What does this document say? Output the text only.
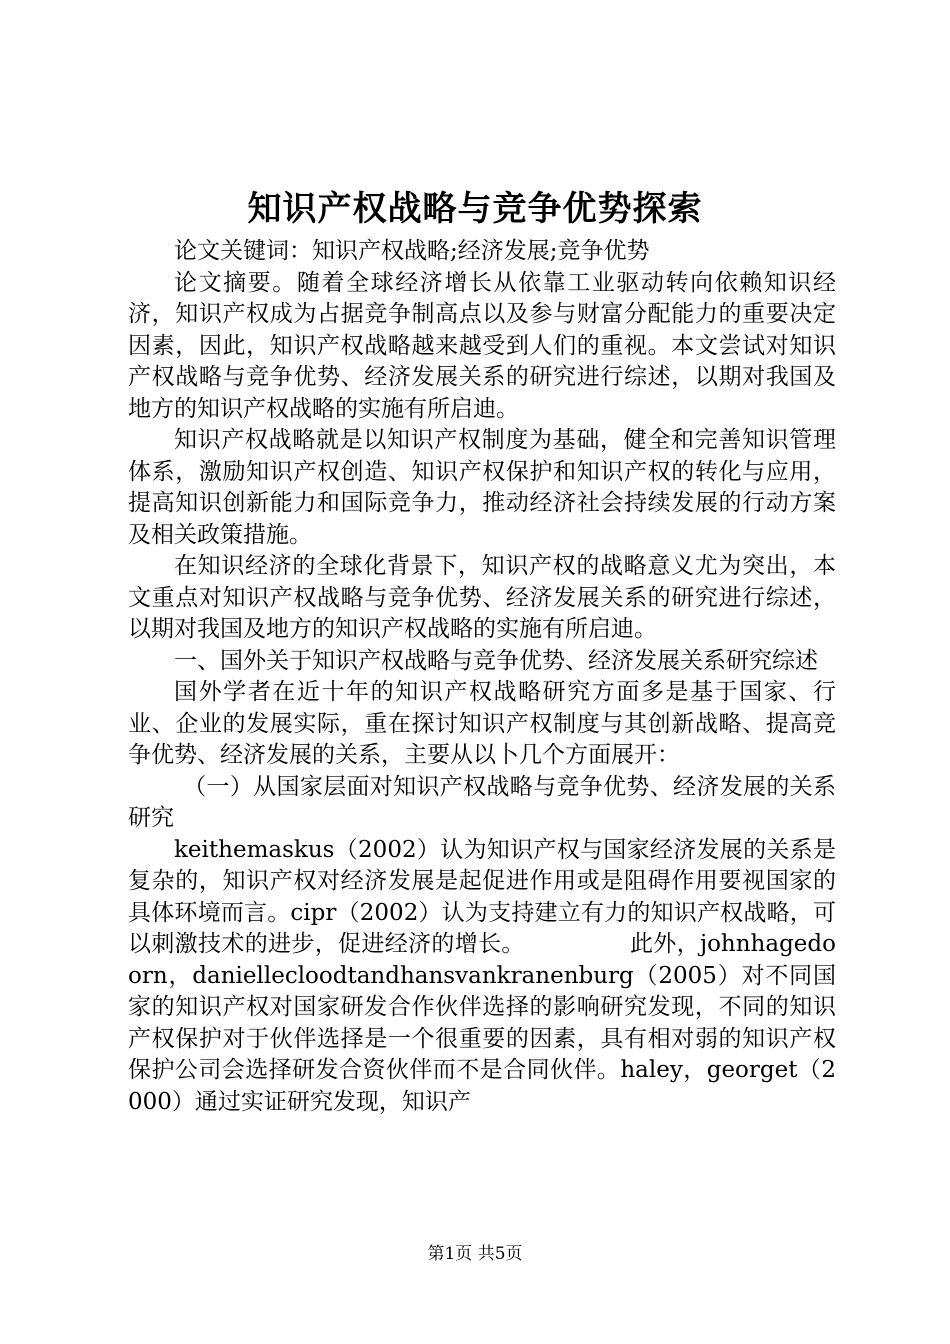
知识产权战略与竞争优势探索

论文关键词：知识产权战略;经济发展;竞争优势

论文摘要。随着全球经济增长从依靠工业驱动转向依赖知识经济，知识产权成为占据竞争制高点以及参与财富分配能力的重要决定因素，因此，知识产权战略越来越受到人们的重视。本文尝试对知识产权战略与竞争优势、经济发展关系的研究进行综述，以期对我国及地方的知识产权战略的实施有所启迪。

知识产权战略就是以知识产权制度为基础，健全和完善知识管理体系，激励知识产权创造、知识产权保护和知识产权的转化与应用，提高知识创新能力和国际竞争力，推动经济社会持续发展的行动方案及相关政策措施。

在知识经济的全球化背景下，知识产权的战略意义尤为突出，本文重点对知识产权战略与竞争优势、经济发展关系的研究进行综述，以期对我国及地方的知识产权战略的实施有所启迪。

一、国外关于知识产权战略与竞争优势、经济发展关系研究综述

国外学者在近十年的知识产权战略研究方面多是基于国家、行业、企业的发展实际，重在探讨知识产权制度与其创新战略、提高竞争优势、经济发展的关系，主要从以卜几个方面展开：

（一）从国家层面对知识产权战略与竞争优势、经济发展的关系研究

keithemaskus（2002）认为知识产权与国家经济发展的关系是复杂的，知识产权对经济发展是起促进作用或是阻碍作用要视国家的具体环境而言。cipr（2002）认为支持建立有力的知识产权战略，可以刺激技术的进步，促进经济的增长。　　　　　此外，johnhagedoorn，daniellecloodtandhansvankranenburg（2005）对不同国家的知识产权对国家研发合作伙伴选择的影响研究发现，不同的知识产权保护对于伙伴选择是一个很重要的因素，具有相对弱的知识产权保护公司会选择研发合资伙伴而不是合同伙伴。haley，georget（2000）通过实证研究发现，知识产

第1页 共5页
